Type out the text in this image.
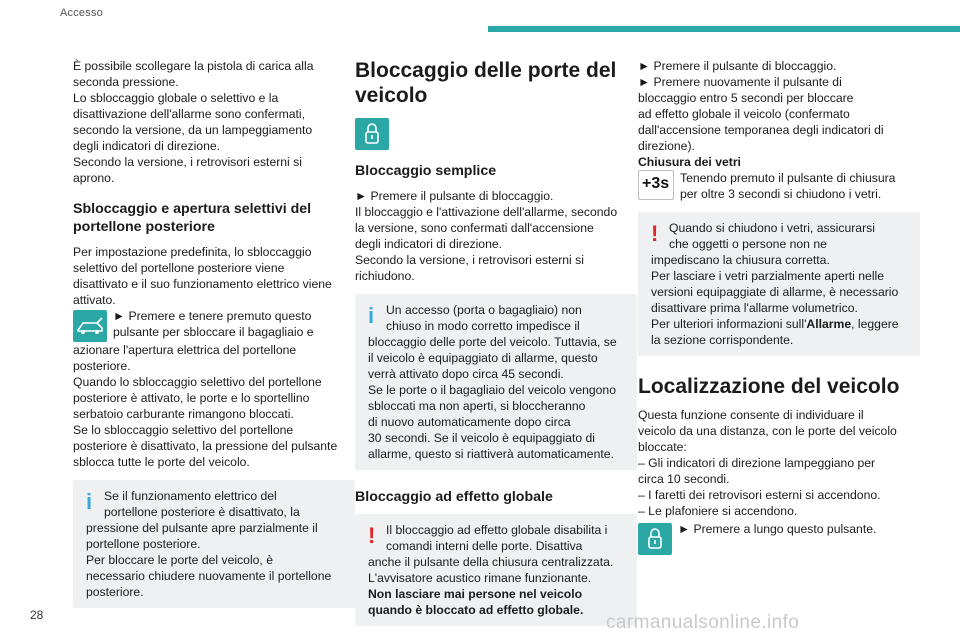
Accesso

È possibile scollegare la pistola di carica alla

seconda pressione.

Lo sbloccaggio globale o selettivo e la

disattivazione dell'allarme sono confermati,

secondo la versione, da un lampeggiamento

degli indicatori di direzione.

Secondo la versione, i retrovisori esterni si

aprono.

Sbloccaggio e apertura selettivi del
portellone posteriore

Per impostazione predefinita, lo sbloccaggio

selettivo del portellone posteriore viene

disattivato e il suo funzionamento elettrico viene

attivato.

► Premere e tenere premuto questo

pulsante per sbloccare il bagagliaio e

azionare l'apertura elettrica del portellone

posteriore.

Quando lo sbloccaggio selettivo del portellone

posteriore è attivato, le porte e lo sportellino

serbatoio carburante rimangono bloccati.

Se lo sbloccaggio selettivo del portellone

posteriore è disattivato, la pressione del pulsante

sblocca tutte le porte del veicolo.

i Se il funzionamento elettrico del

portellone posteriore è disattivato, la

pressione del pulsante apre parzialmente il

portellone posteriore.

Per bloccare le porte del veicolo, è

necessario chiudere nuovamente il portellone

posteriore.

Bloccaggio delle porte del
veicolo
Bloccaggio semplice

► Premere il pulsante di bloccaggio.

Il bloccaggio e l'attivazione dell'allarme, secondo

la versione, sono confermati dall'accensione

degli indicatori di direzione.

Secondo la versione, i retrovisori esterni si

richiudono.

i Un accesso (porta o bagagliaio) non

chiuso in modo corretto impedisce il

bloccaggio delle porte del veicolo. Tuttavia, se

il veicolo è equipaggiato di allarme, questo

verrà attivato dopo circa 45 secondi.

Se le porte o il bagagliaio del veicolo vengono

sbloccati ma non aperti, si bloccheranno

di nuovo automaticamente dopo circa

30 secondi. Se il veicolo è equipaggiato di

allarme, questo si riattiverà automaticamente.

Bloccaggio ad effetto globale
! Il bloccaggio ad effetto globale disabilita i

comandi interni delle porte. Disattiva

anche il pulsante della chiusura centralizzata.

L'avvisatore acustico rimane funzionante.

Non lasciare mai persone nel veicolo

quando è bloccato ad effetto globale.

► Premere il pulsante di bloccaggio.

► Premere nuovamente il pulsante di

bloccaggio entro 5 secondi per bloccare

ad effetto globale il veicolo (confermato

dall'accensione temporanea degli indicatori di

direzione).

Chiusura dei vetri

+3s Tenendo premuto il pulsante di chiusura

per oltre 3 secondi si chiudono i vetri.

! Quando si chiudono i vetri, assicurarsi

che oggetti o persone non ne

impediscano la chiusura corretta.

Per lasciare i vetri parzialmente aperti nelle

versioni equipaggiate di allarme, è necessario

disattivare prima l'allarme volumetrico.

Per ulteriori informazioni sull'Allarme, leggere

la sezione corrispondente.

Localizzazione del veicolo

Questa funzione consente di individuare il

veicolo da una distanza, con le porte del veicolo

bloccate:

– Gli indicatori di direzione lampeggiano per

circa 10 secondi.

– I faretti dei retrovisori esterni si accendono.

– Le plafoniere si accendono.

► Premere a lungo questo pulsante.

28	carmanualsonline.info
